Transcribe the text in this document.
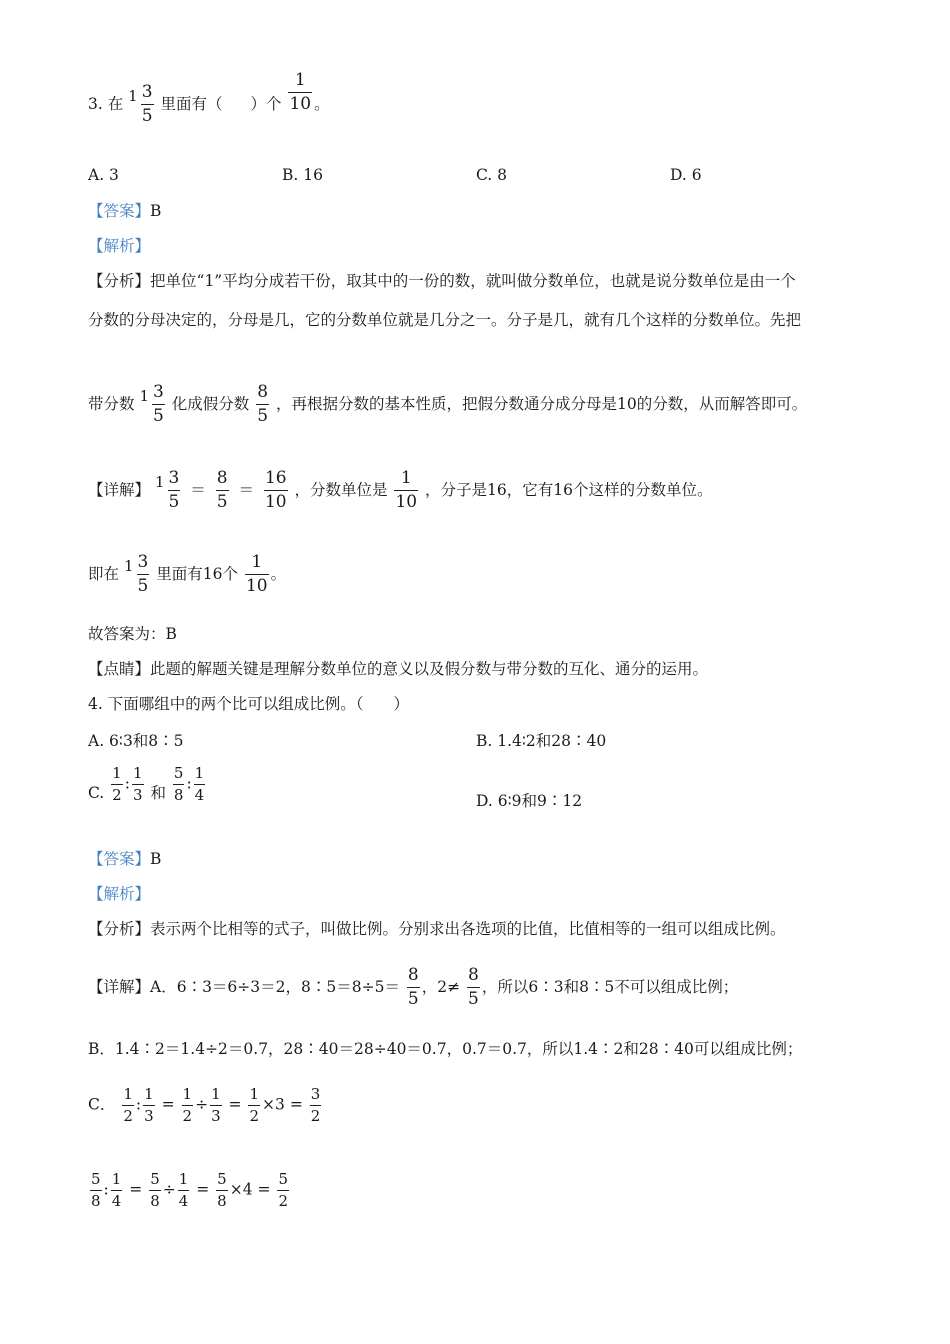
3. 在 1 3
5
里面有（ ）个 $\frac{1}{10}$ 。
A. 3	B. 16	C. 8	D. 6
【答案】B
【解析】
【分析】把单位“1”平均分成若干份，取其中的一份的数，就叫做分数单位，也就是说分数单位是由一个
分数的分母决定的，分母是几，它的分数单位就是几分之一。分子是几，就有几个这样的分数单位。先把
带分数 1 3
5
化成假分数 $\frac{8}{5}$ ，再根据分数的基本性质，把假分数通分成分母是10的分数，从而解答即可。
【详解】 1 3
5
＝ $\frac{8}{5} = \frac{16}{10}$ ，分数单位是 $\frac{1}{10}$ ，分子是16，它有16个这样的分数单位。
即在 1 3
5
里面有16个 $\frac{1}{10}$ 。
故答案为：B
【点睛】此题的解题关键是理解分数单位的意义以及假分数与带分数的互化、通分的运用。
4. 下面哪组中的两个比可以组成比例。（ ）
A. 6∶3和8∶5	B. 1.4∶2和28∶40
C. $\frac{1}{2}$ : $\frac{1}{3}$ 和 $\frac{5}{8}$ : $\frac{1}{4}$	D. 6∶9和9∶12
【答案】B
【解析】
【分析】表示两个比相等的式子，叫做比例。分别求出各选项的比值，比值相等的一组可以组成比例。
【详解】A．6∶3＝6÷3＝2，8∶5＝8÷5＝ $\frac{8}{5}$ ，$2\ne \frac{8}{5}$ ，所以6∶3和8∶5不可以组成比例；
B．1.4∶2＝1.4÷2＝0.7，28∶40＝28÷40＝0.7，0.7＝0.7，所以1.4∶2和28∶40可以组成比例；
C． $\frac{1}{2}$ : $\frac{1}{3} = \frac{1}{2} \div \frac{1}{3} = \frac{1}{2} \times 3 = \frac{3}{2}$
$\frac{5}{8}$ : $\frac{1}{4} = \frac{5}{8} \div \frac{1}{4} = \frac{5}{8} \times 4 = \frac{5}{2}$
